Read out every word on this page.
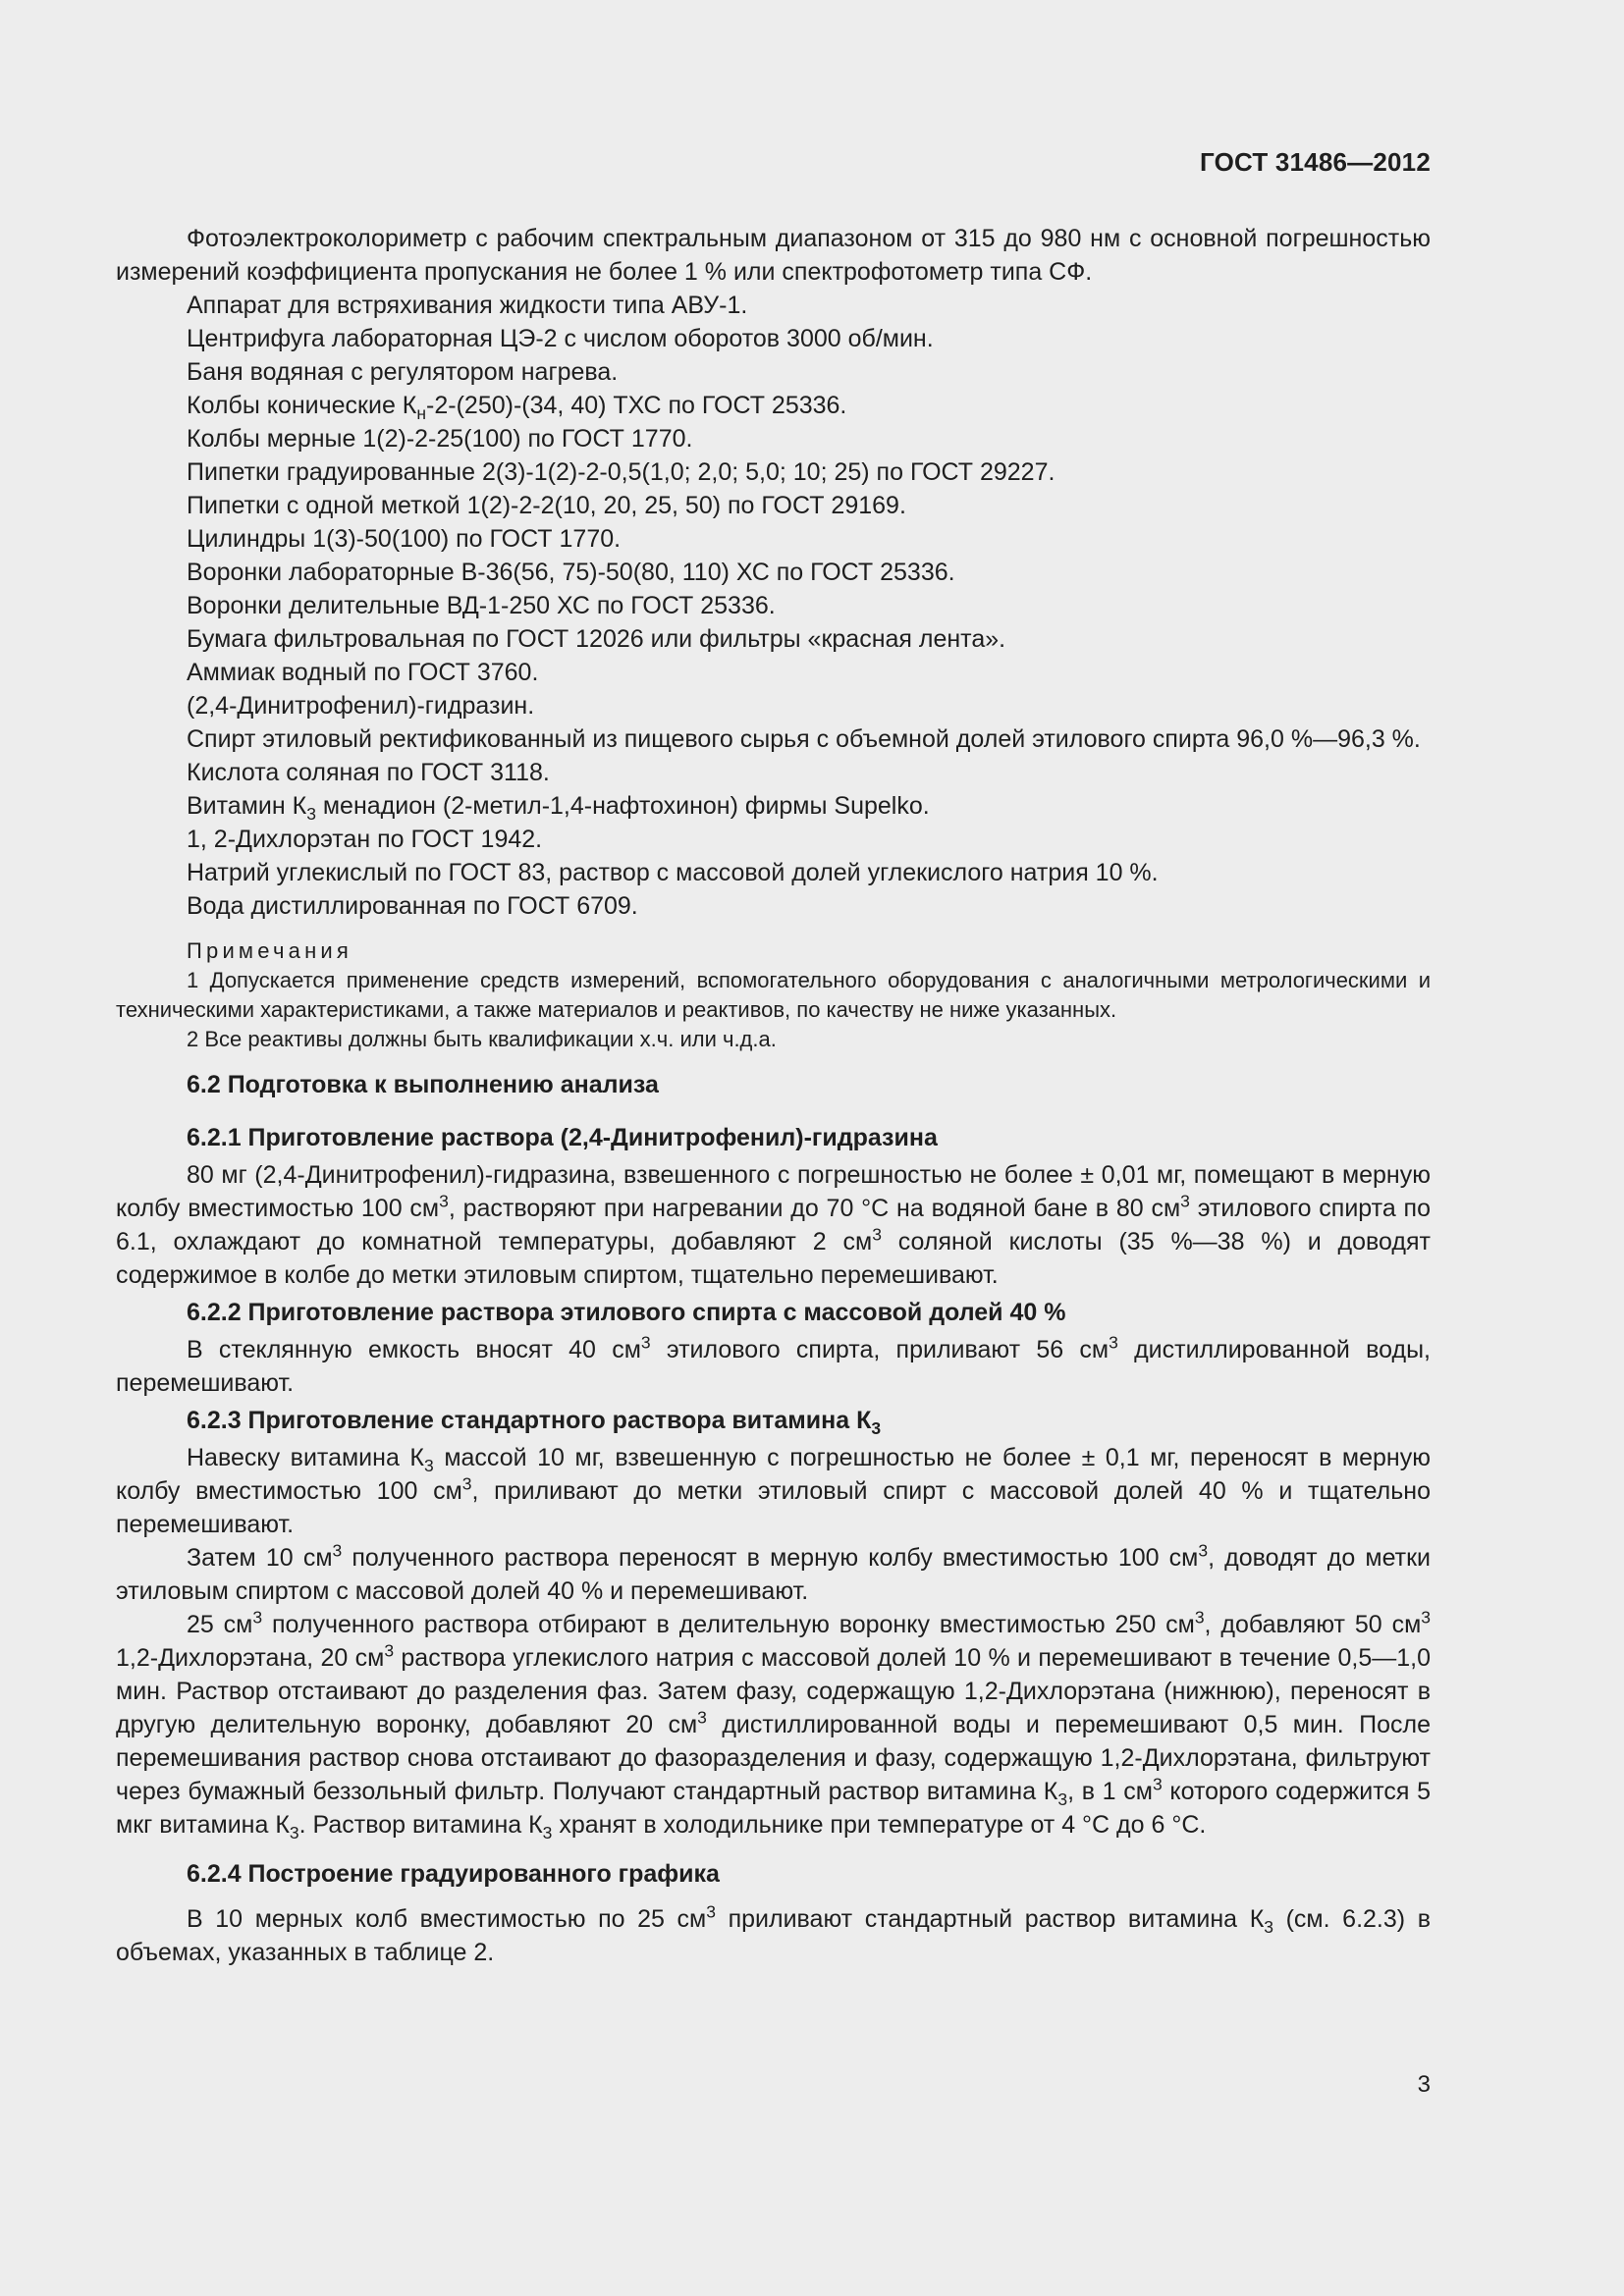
ГОСТ 31486—2012

Фотоэлектроколориметр с рабочим спектральным диапазоном от 315 до 980 нм с основной погрешностью измерений коэффициента пропускания не более 1 % или спектрофотометр типа СФ.

Аппарат для встряхивания жидкости типа АВУ-1.

Центрифуга лабораторная ЦЭ-2 с числом оборотов 3000 об/мин.

Баня водяная с регулятором нагрева.

Колбы конические $К_н-2-(250)-(34$, 40) ТХС по ГОСТ 25336.

Колбы мерные 1(2)-2-25(100) по ГОСТ 1770.

Пипетки градуированные 2(3)-1(2)-2-0,5(1,0; 2,0; 5,0; 10; 25) по ГОСТ 29227.

Пипетки с одной меткой 1(2)-2-2(10, 20, 25, 50) по ГОСТ 29169.

Цилиндры 1(3)-50(100) по ГОСТ 1770.

Воронки лабораторные В-36(56, 75)-50(80, 110) ХС по ГОСТ 25336.

Воронки делительные ВД-1-250 ХС по ГОСТ 25336.

Бумага фильтровальная по ГОСТ 12026 или фильтры «красная лента».

Аммиак водный по ГОСТ 3760.

(2,4-Динитрофенил)-гидразин.

Спирт этиловый ректификованный из пищевого сырья с объемной долей этилового спирта 96,0 %—96,3 %.

Кислота соляная по ГОСТ 3118.

Витамин $К_3$ менадион (2-метил-1,4-нафтохинон) фирмы Supelko.

1, 2-Дихлорэтан по ГОСТ 1942.

Натрий углекислый по ГОСТ 83, раствор с массовой долей углекислого натрия 10 %.

Вода дистиллированная по ГОСТ 6709.

Примечания

1 Допускается применение средств измерений, вспомогательного оборудования с аналогичными метрологическими и техническими характеристиками, а также материалов и реактивов, по качеству не ниже указанных.

2 Все реактивы должны быть квалификации х.ч. или ч.д.а.

6.2 Подготовка к выполнению анализа
6.2.1 Приготовление раствора (2,4-Динитрофенил)-гидразина

80 мг (2,4-Динитрофенил)-гидразина, взвешенного с погрешностью не более ± 0,01 мг, помещают в мерную колбу вместимостью 100 $см^3$, растворяют при нагревании до 70 °С на водяной бане в 80 $см^3$ этилового спирта по 6.1, охлаждают до комнатной температуры, добавляют 2 $см^3$ соляной кислоты (35 %—38 %) и доводят содержимое в колбе до метки этиловым спиртом, тщательно перемешивают.

6.2.2 Приготовление раствора этилового спирта с массовой долей 40 %

В стеклянную емкость вносят 40 $см^3$ этилового спирта, приливают 56 $см^3$ дистиллированной воды, перемешивают.

6.2.3 Приготовление стандартного раствора витамина $К_3$

Навеску витамина $К_3$ массой 10 мг, взвешенную с погрешностью не более ± 0,1 мг, переносят в мерную колбу вместимостью 100 $см^3$, приливают до метки этиловый спирт с массовой долей 40 % и тщательно перемешивают.

Затем 10 $см^3$ полученного раствора переносят в мерную колбу вместимостью 100 $см^3$, доводят до метки этиловым спиртом с массовой долей 40 % и перемешивают.

25 $см^3$ полученного раствора отбирают в делительную воронку вместимостью 250 $см^3$, добавляют 50 $см^3$ 1,2-Дихлорэтана, 20 $см^3$ раствора углекислого натрия с массовой долей 10 % и перемешивают в течение 0,5—1,0 мин. Раствор отстаивают до разделения фаз. Затем фазу, содержащую 1,2-Дихлорэтана (нижнюю), переносят в другую делительную воронку, добавляют 20 $см^3$ дистиллированной воды и перемешивают 0,5 мин. После перемешивания раствор снова отстаивают до фазоразделения и фазу, содержащую 1,2-Дихлорэтана, фильтруют через бумажный беззольный фильтр. Получают стандартный раствор витамина $К_3$, в 1 $см^3$ которого содержится 5 мкг витамина $К_3$. Раствор витамина $К_3$ хранят в холодильнике при температуре от 4 °С до 6 °С.

6.2.4 Построение градуированного графика

В 10 мерных колб вместимостью по 25 $см^3$ приливают стандартный раствор витамина $К_3$ (см. 6.2.3) в объемах, указанных в таблице 2.

3
